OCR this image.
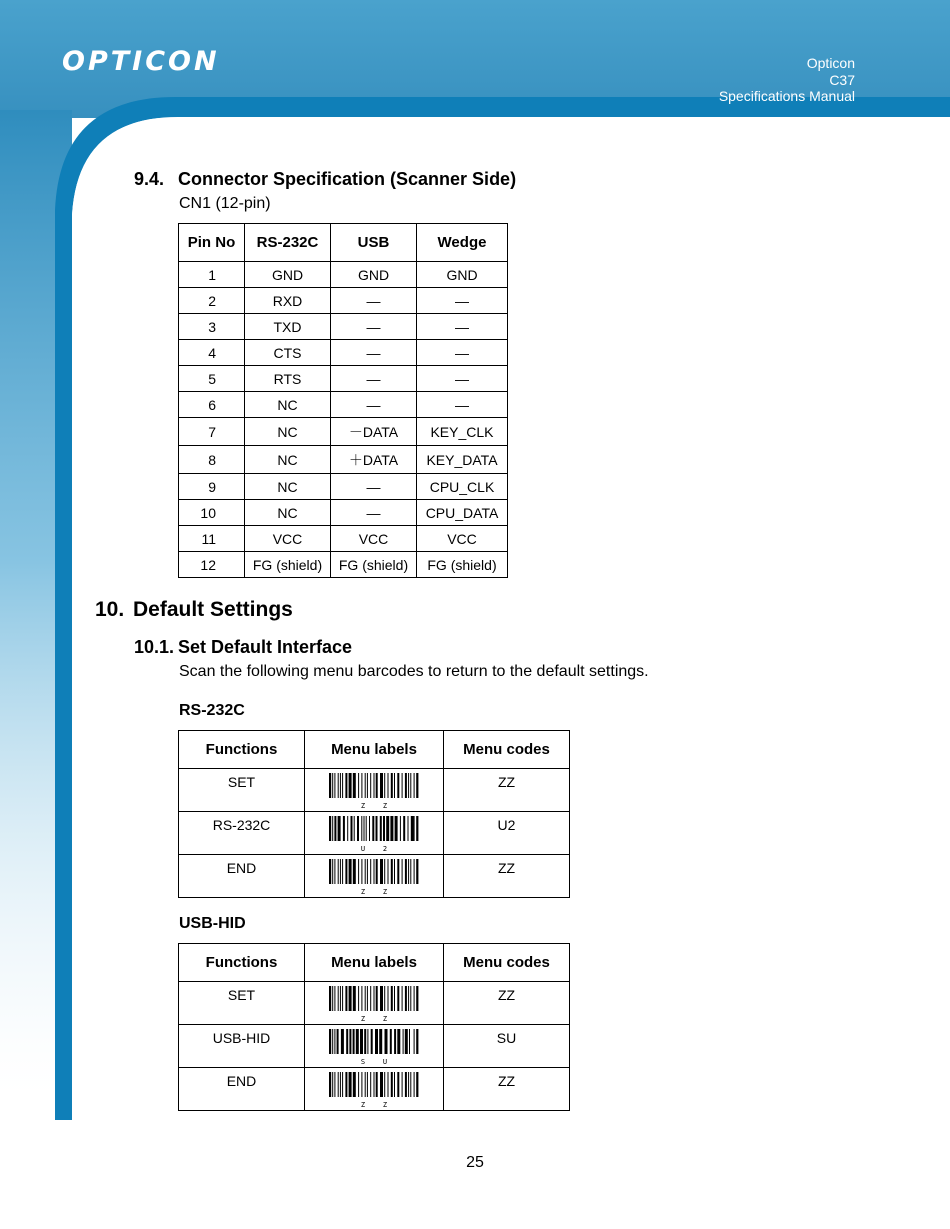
OPTICON	Opticon
C37
Specifications Manual
9.4. Connector Specification (Scanner Side)

CN1 (12-pin)

Pin No	RS-232C	USB	Wedge
1	GND	GND	GND
2	RXD	—	—
3	TXD	—	—
4	CTS	—	—
5	RTS	—	—
6	NC	—	—
7	NC	－DATA	KEY_CLK
8	NC	＋DATA	KEY_DATA
9	NC	—	CPU_CLK
10	NC	—	CPU_DATA
11	VCC	VCC	VCC
12	FG (shield)	FG (shield)	FG (shield)
10. Default Settings
10.1. Set Default Interface

Scan the following menu barcodes to return to the default settings.

RS-232C

Functions	Menu labels	Menu codes
SET	Z Z	ZZ
RS-232C	U 2	U2
END	Z Z	ZZ

USB-HID

Functions	Menu labels	Menu codes
SET	Z Z	ZZ
USB-HID	S U	SU
END	Z Z	ZZ

25
